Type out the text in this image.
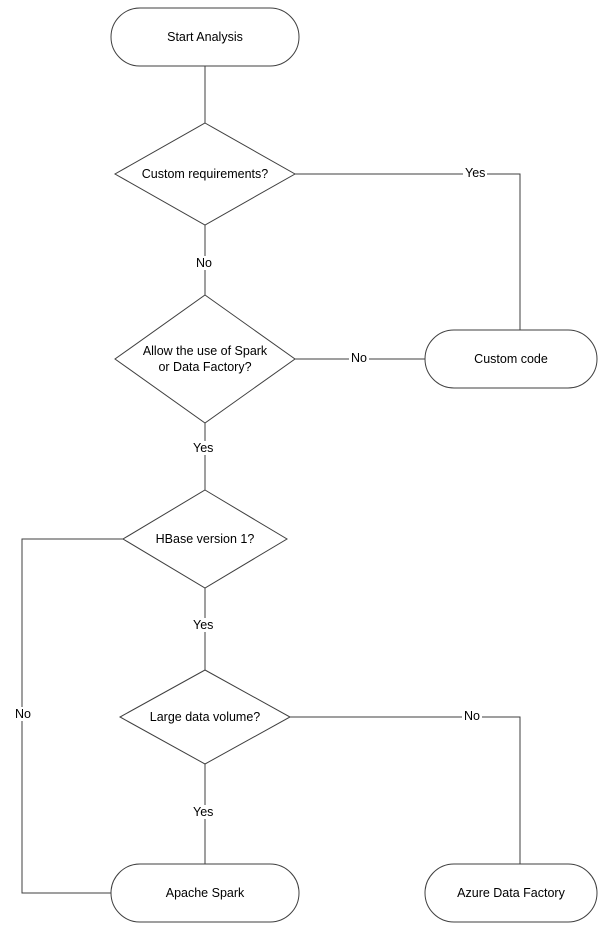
Start Analysis
Custom requirements?
Allow the use of Spark or Data Factory?
Custom code
HBase version 1?
Large data volume?
Apache Spark	Azure Data Factory
Yes
No
No
Yes
No
Yes
No
Yes
